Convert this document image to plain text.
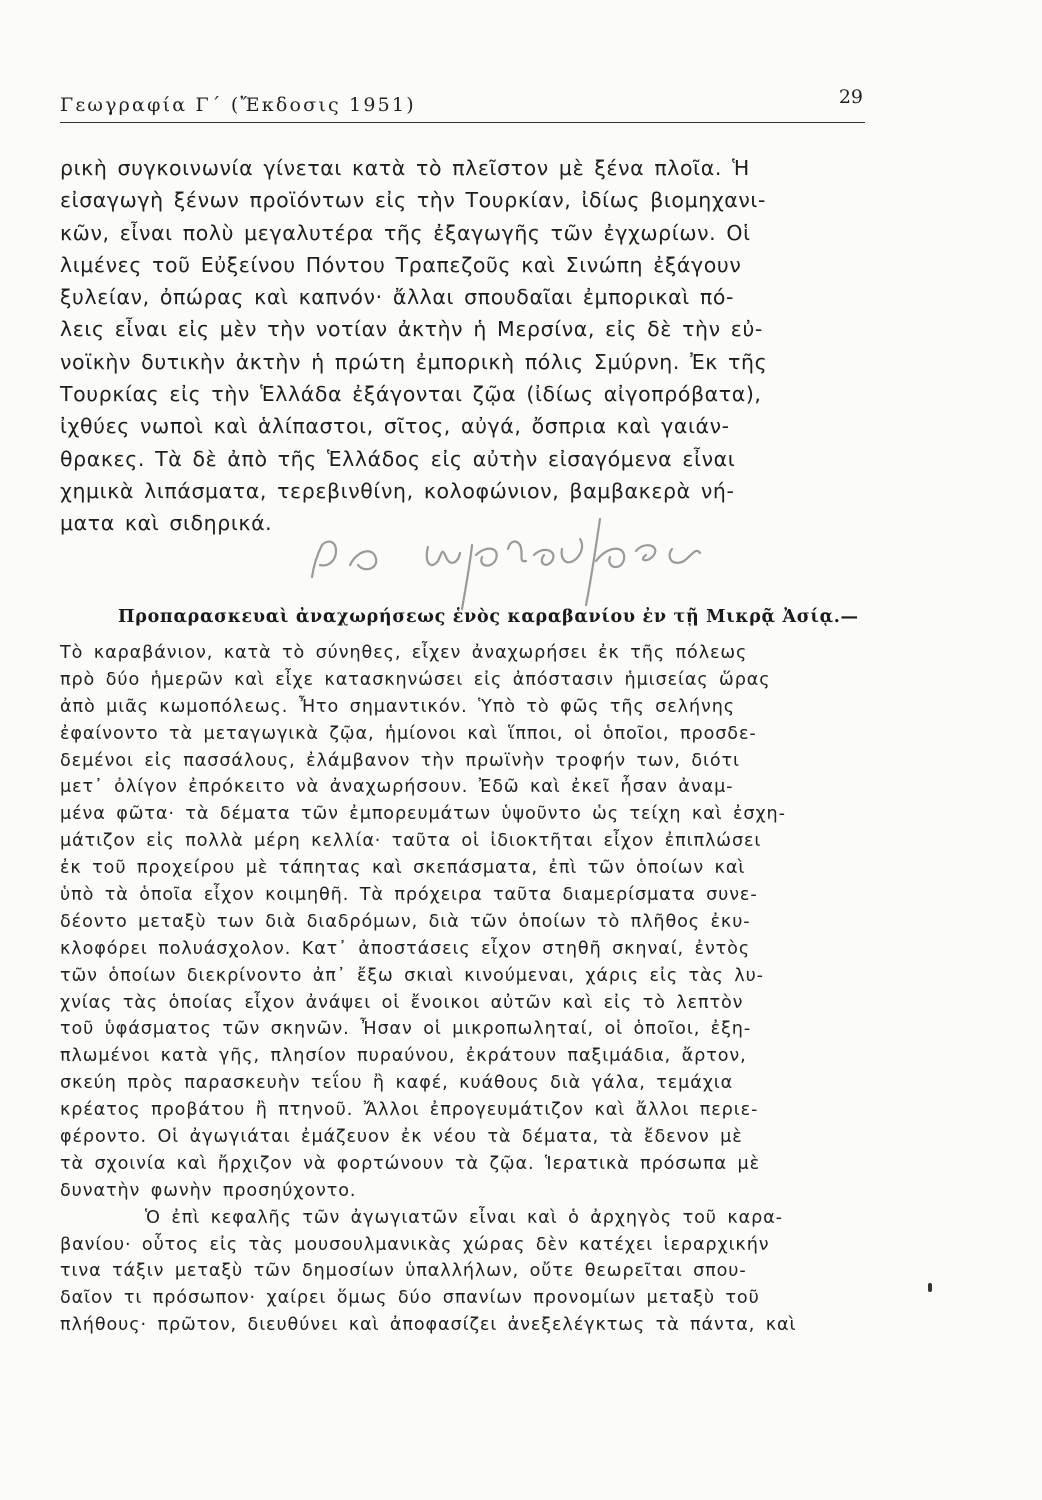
Γεωγραφία Γ΄ (Ἔκδοσις 1951)	29
ρικὴ συγκοινωνία γίνεται κατὰ τὸ πλεῖστον μὲ ξένα πλοῖα. Ἡ
εἰσαγωγὴ ξένων προϊόντων εἰς τὴν Τουρκίαν, ἰδίως βιομηχανι-
κῶν, εἶναι πολὺ μεγαλυτέρα τῆς ἐξαγωγῆς τῶν ἐγχωρίων. Οἱ
λιμένες τοῦ Εὐξείνου Πόντου Τραπεζοῦς καὶ Σινώπη ἐξάγουν
ξυλείαν, ὀπώρας καὶ καπνόν· ἄλλαι σπουδαῖαι ἐμπορικαὶ πό-
λεις εἶναι εἰς μὲν τὴν νοτίαν ἀκτὴν ἡ Μερσίνα, εἰς δὲ τὴν εὐ-
νοϊκὴν δυτικὴν ἀκτὴν ἡ πρώτη ἐμπορικὴ πόλις Σμύρνη. Ἐκ τῆς
Τουρκίας εἰς τὴν Ἑλλάδα ἐξάγονται ζῷα (ἰδίως αἰγοπρόβατα),
ἰχθύες νωποὶ καὶ ἁλίπαστοι, σῖτος, αὐγά, ὄσπρια καὶ γαιάν-
θρακες. Τὰ δὲ ἀπὸ τῆς Ἑλλάδος εἰς αὐτὴν εἰσαγόμενα εἶναι
χημικὰ λιπάσματα, τερεβινθίνη, κολοφώνιον, βαμβακερὰ νή-
ματα καὶ σιδηρικά.
Προπαρασκευαὶ ἀναχωρήσεως ἑνὸς καραβανίου ἐν τῇ Μικρᾷ Ἀσίᾳ.—
Τὸ καραβάνιον, κατὰ τὸ σύνηθες, εἶχεν ἀναχωρήσει ἐκ τῆς πόλεως
πρὸ δύο ἡμερῶν καὶ εἶχε κατασκηνώσει εἰς ἀπόστασιν ἡμισείας ὥρας
ἀπὸ μιᾶς κωμοπόλεως. Ἦτο σημαντικόν. Ὑπὸ τὸ φῶς τῆς σελήνης
ἐφαίνοντο τὰ μεταγωγικὰ ζῷα, ἡμίονοι καὶ ἵπποι, οἱ ὁποῖοι, προσδε-
δεμένοι εἰς πασσάλους, ἐλάμβανον τὴν πρωϊνὴν τροφήν των, διότι
μετ᾽ ὀλίγον ἐπρόκειτο νὰ ἀναχωρήσουν. Ἐδῶ καὶ ἐκεῖ ἦσαν ἀναμ-
μένα φῶτα· τὰ δέματα τῶν ἐμπορευμάτων ὑψοῦντο ὡς τείχη καὶ ἐσχη-
μάτιζον εἰς πολλὰ μέρη κελλία· ταῦτα οἱ ἰδιοκτῆται εἶχον ἐπιπλώσει
ἐκ τοῦ προχείρου μὲ τάπητας καὶ σκεπάσματα, ἐπὶ τῶν ὁποίων καὶ
ὑπὸ τὰ ὁποῖα εἶχον κοιμηθῆ. Τὰ πρόχειρα ταῦτα διαμερίσματα συνε-
δέοντο μεταξὺ των διὰ διαδρόμων, διὰ τῶν ὁποίων τὸ πλῆθος ἐκυ-
κλοφόρει πολυάσχολον. Κατ᾽ ἀποστάσεις εἶχον στηθῆ σκηναί, ἐντὸς
τῶν ὁποίων διεκρίνοντο ἀπ᾽ ἔξω σκιαὶ κινούμεναι, χάρις εἰς τὰς λυ-
χνίας τὰς ὁποίας εἶχον ἀνάψει οἱ ἔνοικοι αὐτῶν καὶ εἰς τὸ λεπτὸν
τοῦ ὑφάσματος τῶν σκηνῶν. Ἦσαν οἱ μικροπωληταί, οἱ ὁποῖοι, ἐξη-
πλωμένοι κατὰ γῆς, πλησίον πυραύνου, ἐκράτουν παξιμάδια, ἄρτον,
σκεύη πρὸς παρασκευὴν τεΐου ἢ καφέ, κυάθους διὰ γάλα, τεμάχια
κρέατος προβάτου ἢ πτηνοῦ. Ἄλλοι ἐπρογευμάτιζον καὶ ἄλλοι περιε-
φέροντο. Οἱ ἀγωγιάται ἐμάζευον ἐκ νέου τὰ δέματα, τὰ ἔδενον μὲ
τὰ σχοινία καὶ ἤρχιζον νὰ φορτώνουν τὰ ζῷα. Ἱερατικὰ πρόσωπα μὲ
δυνατὴν φωνὴν προσηύχοντο.
Ὁ ἐπὶ κεφαλῆς τῶν ἀγωγιατῶν εἶναι καὶ ὁ ἀρχηγὸς τοῦ καρα-
βανίου· οὗτος εἰς τὰς μουσουλμανικὰς χώρας δὲν κατέχει ἱεραρχικήν
τινα τάξιν μεταξὺ τῶν δημοσίων ὑπαλλήλων, οὔτε θεωρεῖται σπου-
δαῖον τι πρόσωπον· χαίρει ὅμως δύο σπανίων προνομίων μεταξὺ τοῦ
πλήθους· πρῶτον, διευθύνει καὶ ἀποφασίζει ἀνεξελέγκτως τὰ πάντα, καὶ
